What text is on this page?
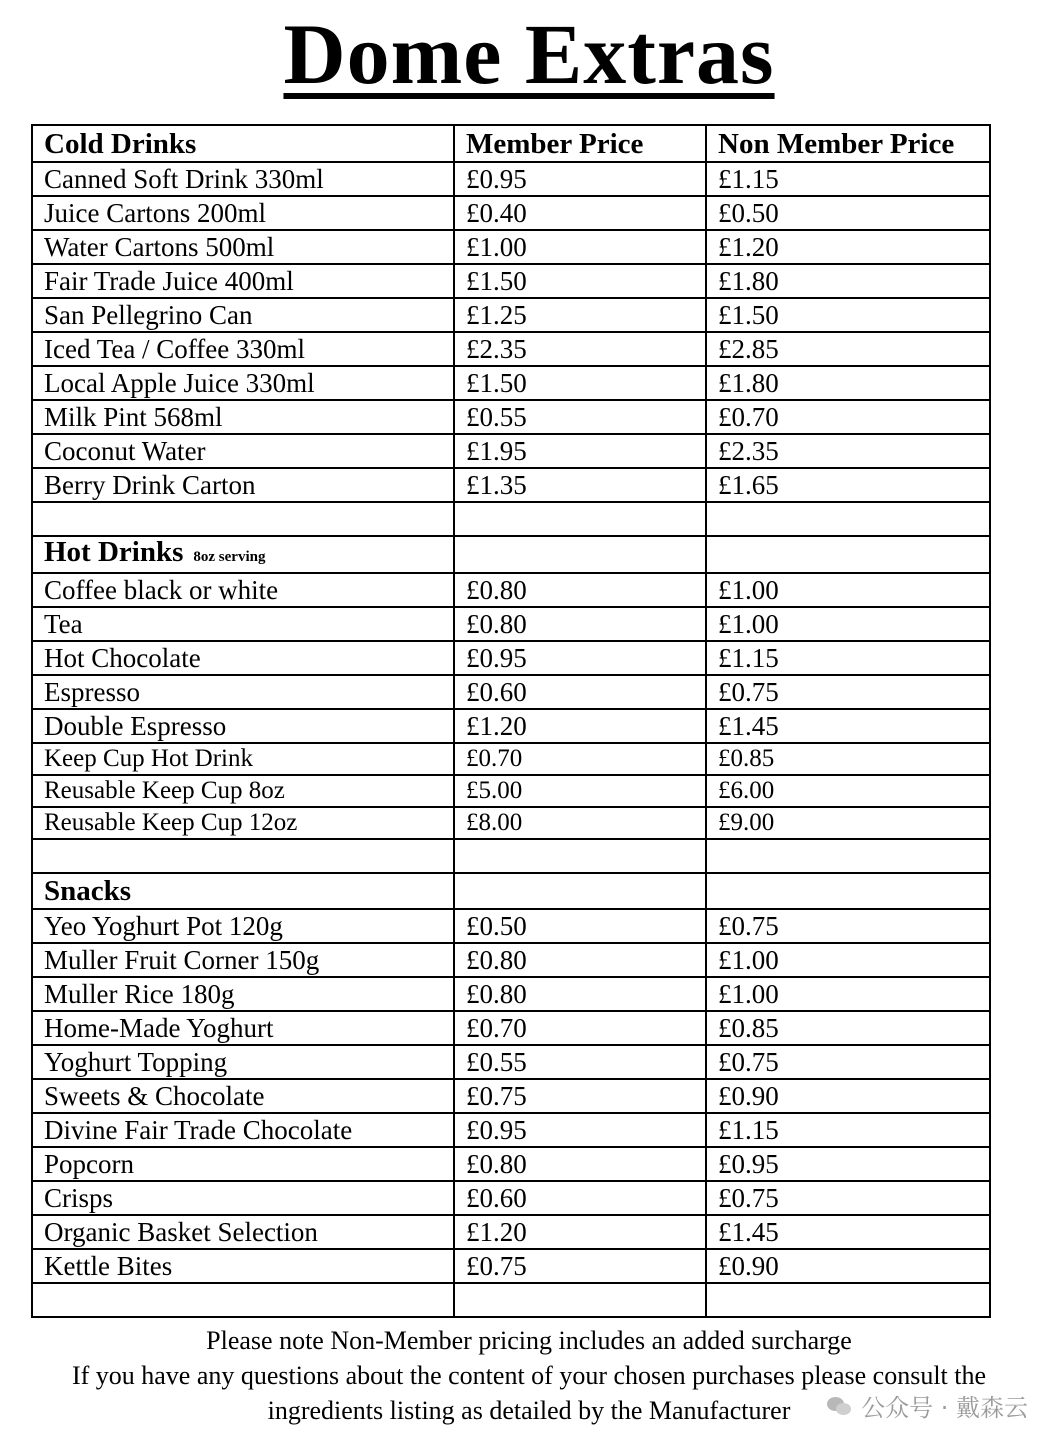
Dome Extras
Cold Drinks	Member Price	Non Member Price
Canned Soft Drink 330ml	£0.95	£1.15
Juice Cartons 200ml	£0.40	£0.50
Water Cartons 500ml	£1.00	£1.20
Fair Trade Juice 400ml	£1.50	£1.80
San Pellegrino Can	£1.25	£1.50
Iced Tea / Coffee 330ml	£2.35	£2.85
Local Apple Juice 330ml	£1.50	£1.80
Milk Pint 568ml	£0.55	£0.70
Coconut Water	£1.95	£2.35
Berry Drink Carton	£1.35	£1.65

Hot Drinks 8oz serving		
Coffee black or white	£0.80	£1.00
Tea	£0.80	£1.00
Hot Chocolate	£0.95	£1.15
Espresso	£0.60	£0.75
Double Espresso	£1.20	£1.45
Keep Cup Hot Drink	£0.70	£0.85
Reusable Keep Cup 8oz	£5.00	£6.00
Reusable Keep Cup 12oz	£8.00	£9.00

Snacks		
Yeo Yoghurt Pot 120g	£0.50	£0.75
Muller Fruit Corner 150g	£0.80	£1.00
Muller Rice 180g	£0.80	£1.00
Home-Made Yoghurt	£0.70	£0.85
Yoghurt Topping	£0.55	£0.75
Sweets & Chocolate	£0.75	£0.90
Divine Fair Trade Chocolate	£0.95	£1.15
Popcorn	£0.80	£0.95
Crisps	£0.60	£0.75
Organic Basket Selection	£1.20	£1.45
Kettle Bites	£0.75	£0.90

Please note Non-Member pricing includes an added surcharge
If you have any questions about the content of your chosen purchases please consult the
ingredients listing as detailed by the Manufacturer	公众号 · 戴森云
